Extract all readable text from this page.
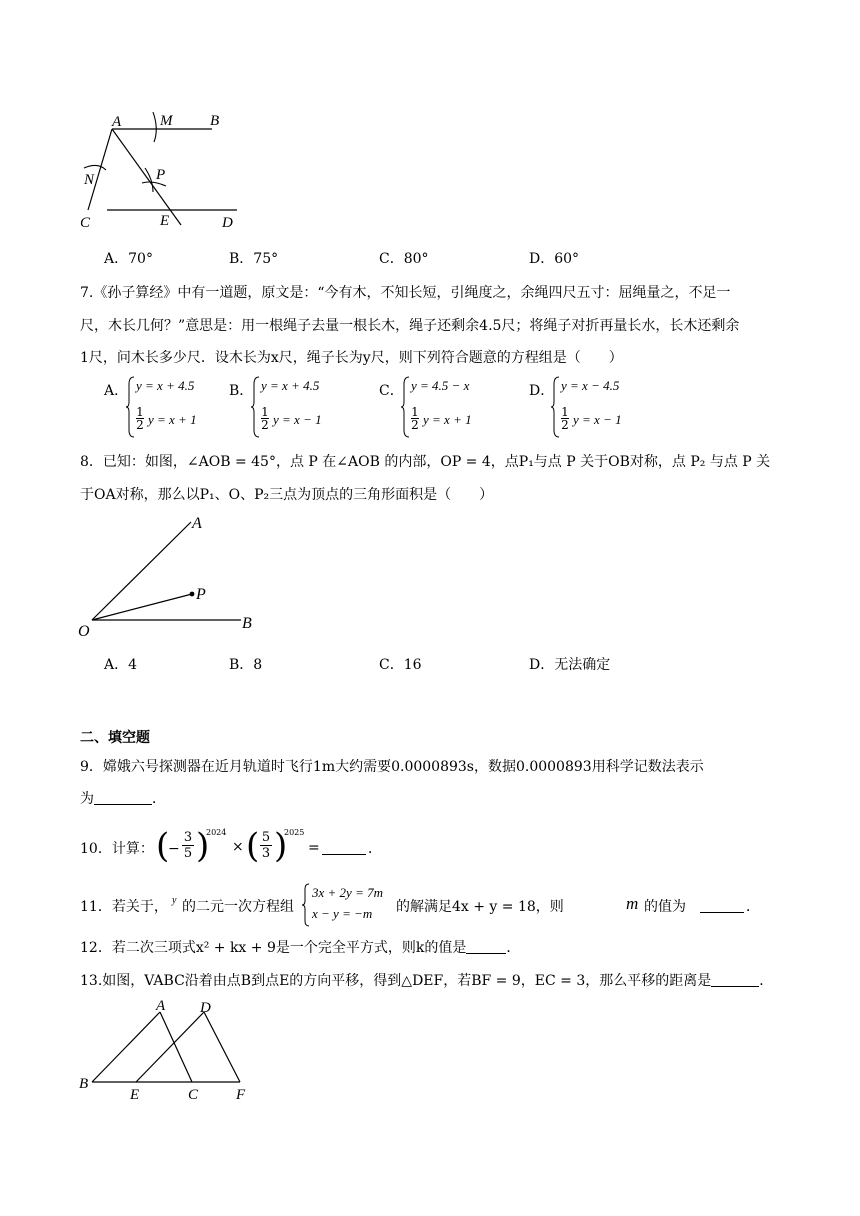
A	M	B
N	P
C	E	D
A．70°	B．75°	C．80°	D．60°
7.《孙子算经》中有一道题，原文是：“今有木，不知长短，引绳度之，余绳四尺五寸：屈绳量之，不足一
尺，木长几何？”意思是：用一根绳子去量一根长木，绳子还剩余4.5尺；将绳子对折再量长水，长木还剩余
1尺，问木长多少尺．设木长为x尺，绳子长为y尺，则下列符合题意的方程组是（　　）
A． y = x + 4.5
1

2 y = x + 1
B． y = x + 4.5
1

2 y = x − 1
C． y = 4.5 − x
1

2 y = x + 1
D． y = x − 4.5
1

2 y = x − 1
8．已知：如图，∠AOB = 45°，点 P 在∠AOB 的内部，OP = 4，点P₁与点 P 关于OB对称，点 P₂ 与点 P 关
于OA对称，那么以P₁、O、P₂三点为顶点的三角形面积是（　　）
A
P
O	B
A．4	B．8	C．16	D．无法确定
二、填空题
9．嫦娥六号探测器在近月轨道时飞行1m大约需要0.0000893s，数据0.0000893用科学记数法表示
为	．
10．计算： (
−
3

5 )
2024
× ( 5

3 )
2025
=	．
11．若关于， y 的二元一次方程组
3x + 2y = 7m
x − y = −m 的解满足4x + y = 18，则	m 的值为	．
12．若二次三项式x² + kx + 9是一个完全平方式，则k的值是	．
13.如图，VABC沿着由点B到点E的方向平移，得到△DEF，若BF = 9，EC = 3，那么平移的距离是	．
A D
B
E	C	F
